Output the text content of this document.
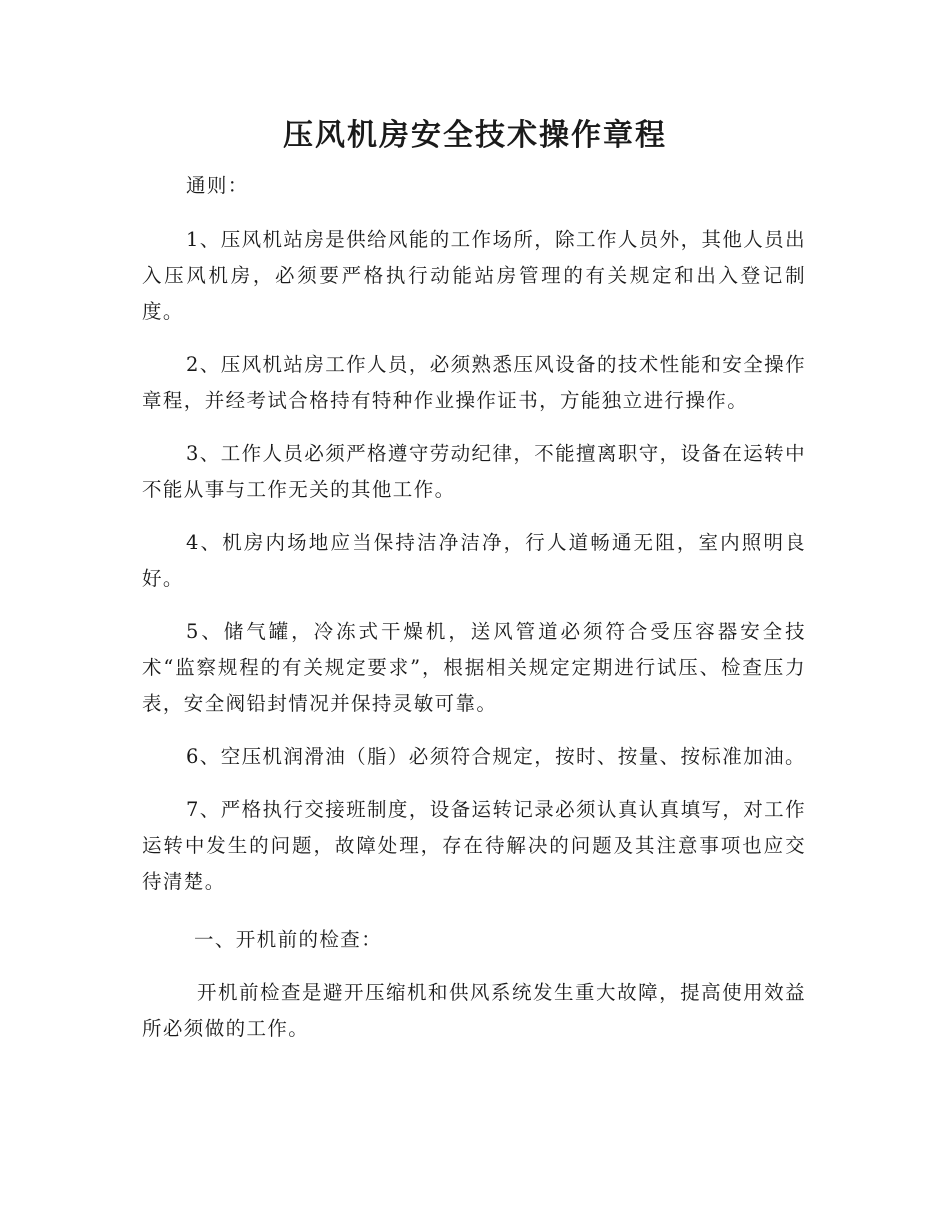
压风机房安全技术操作章程

通则：

1、压风机站房是供给风能的工作场所，除工作人员外，其他人员出入压风机房，必须要严格执行动能站房管理的有关规定和出入登记制度。

2、压风机站房工作人员，必须熟悉压风设备的技术性能和安全操作章程，并经考试合格持有特种作业操作证书，方能独立进行操作。

3、工作人员必须严格遵守劳动纪律，不能擅离职守，设备在运转中不能从事与工作无关的其他工作。

4、机房内场地应当保持洁净洁净，行人道畅通无阻，室内照明良好。

5、储气罐，冷冻式干燥机，送风管道必须符合受压容器安全技术“监察规程的有关规定要求”，根据相关规定定期进行试压、检查压力表，安全阀铅封情况并保持灵敏可靠。

6、空压机润滑油（脂）必须符合规定，按时、按量、按标准加油。

7、严格执行交接班制度，设备运转记录必须认真认真填写，对工作运转中发生的问题，故障处理，存在待解决的问题及其注意事项也应交待清楚。

一、开机前的检查：

开机前检查是避开压缩机和供风系统发生重大故障，提高使用效益所必须做的工作。
